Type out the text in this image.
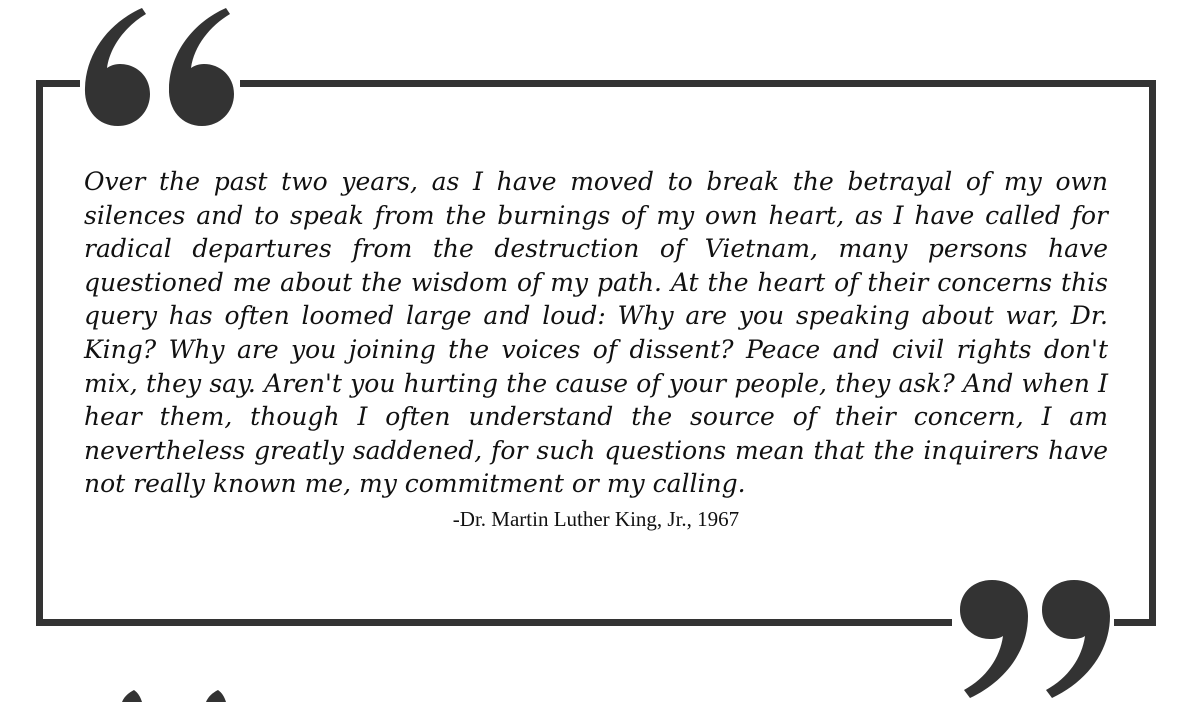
Over the past two years, as I have moved to break the betrayal of my own silences and to speak from the burnings of my own heart, as I have called for radical departures from the destruction of Vietnam, many persons have questioned me about the wisdom of my path. At the heart of their concerns this query has often loomed large and loud: Why are you speaking about war, Dr. King? Why are you joining the voices of dissent? Peace and civil rights don't mix, they say. Aren't you hurting the cause of your people, they ask? And when I hear them, though I often understand the source of their concern, I am nevertheless greatly saddened, for such questions mean that the inquirers have not really known me, my commitment or my calling.

-Dr. Martin Luther King, Jr., 1967
